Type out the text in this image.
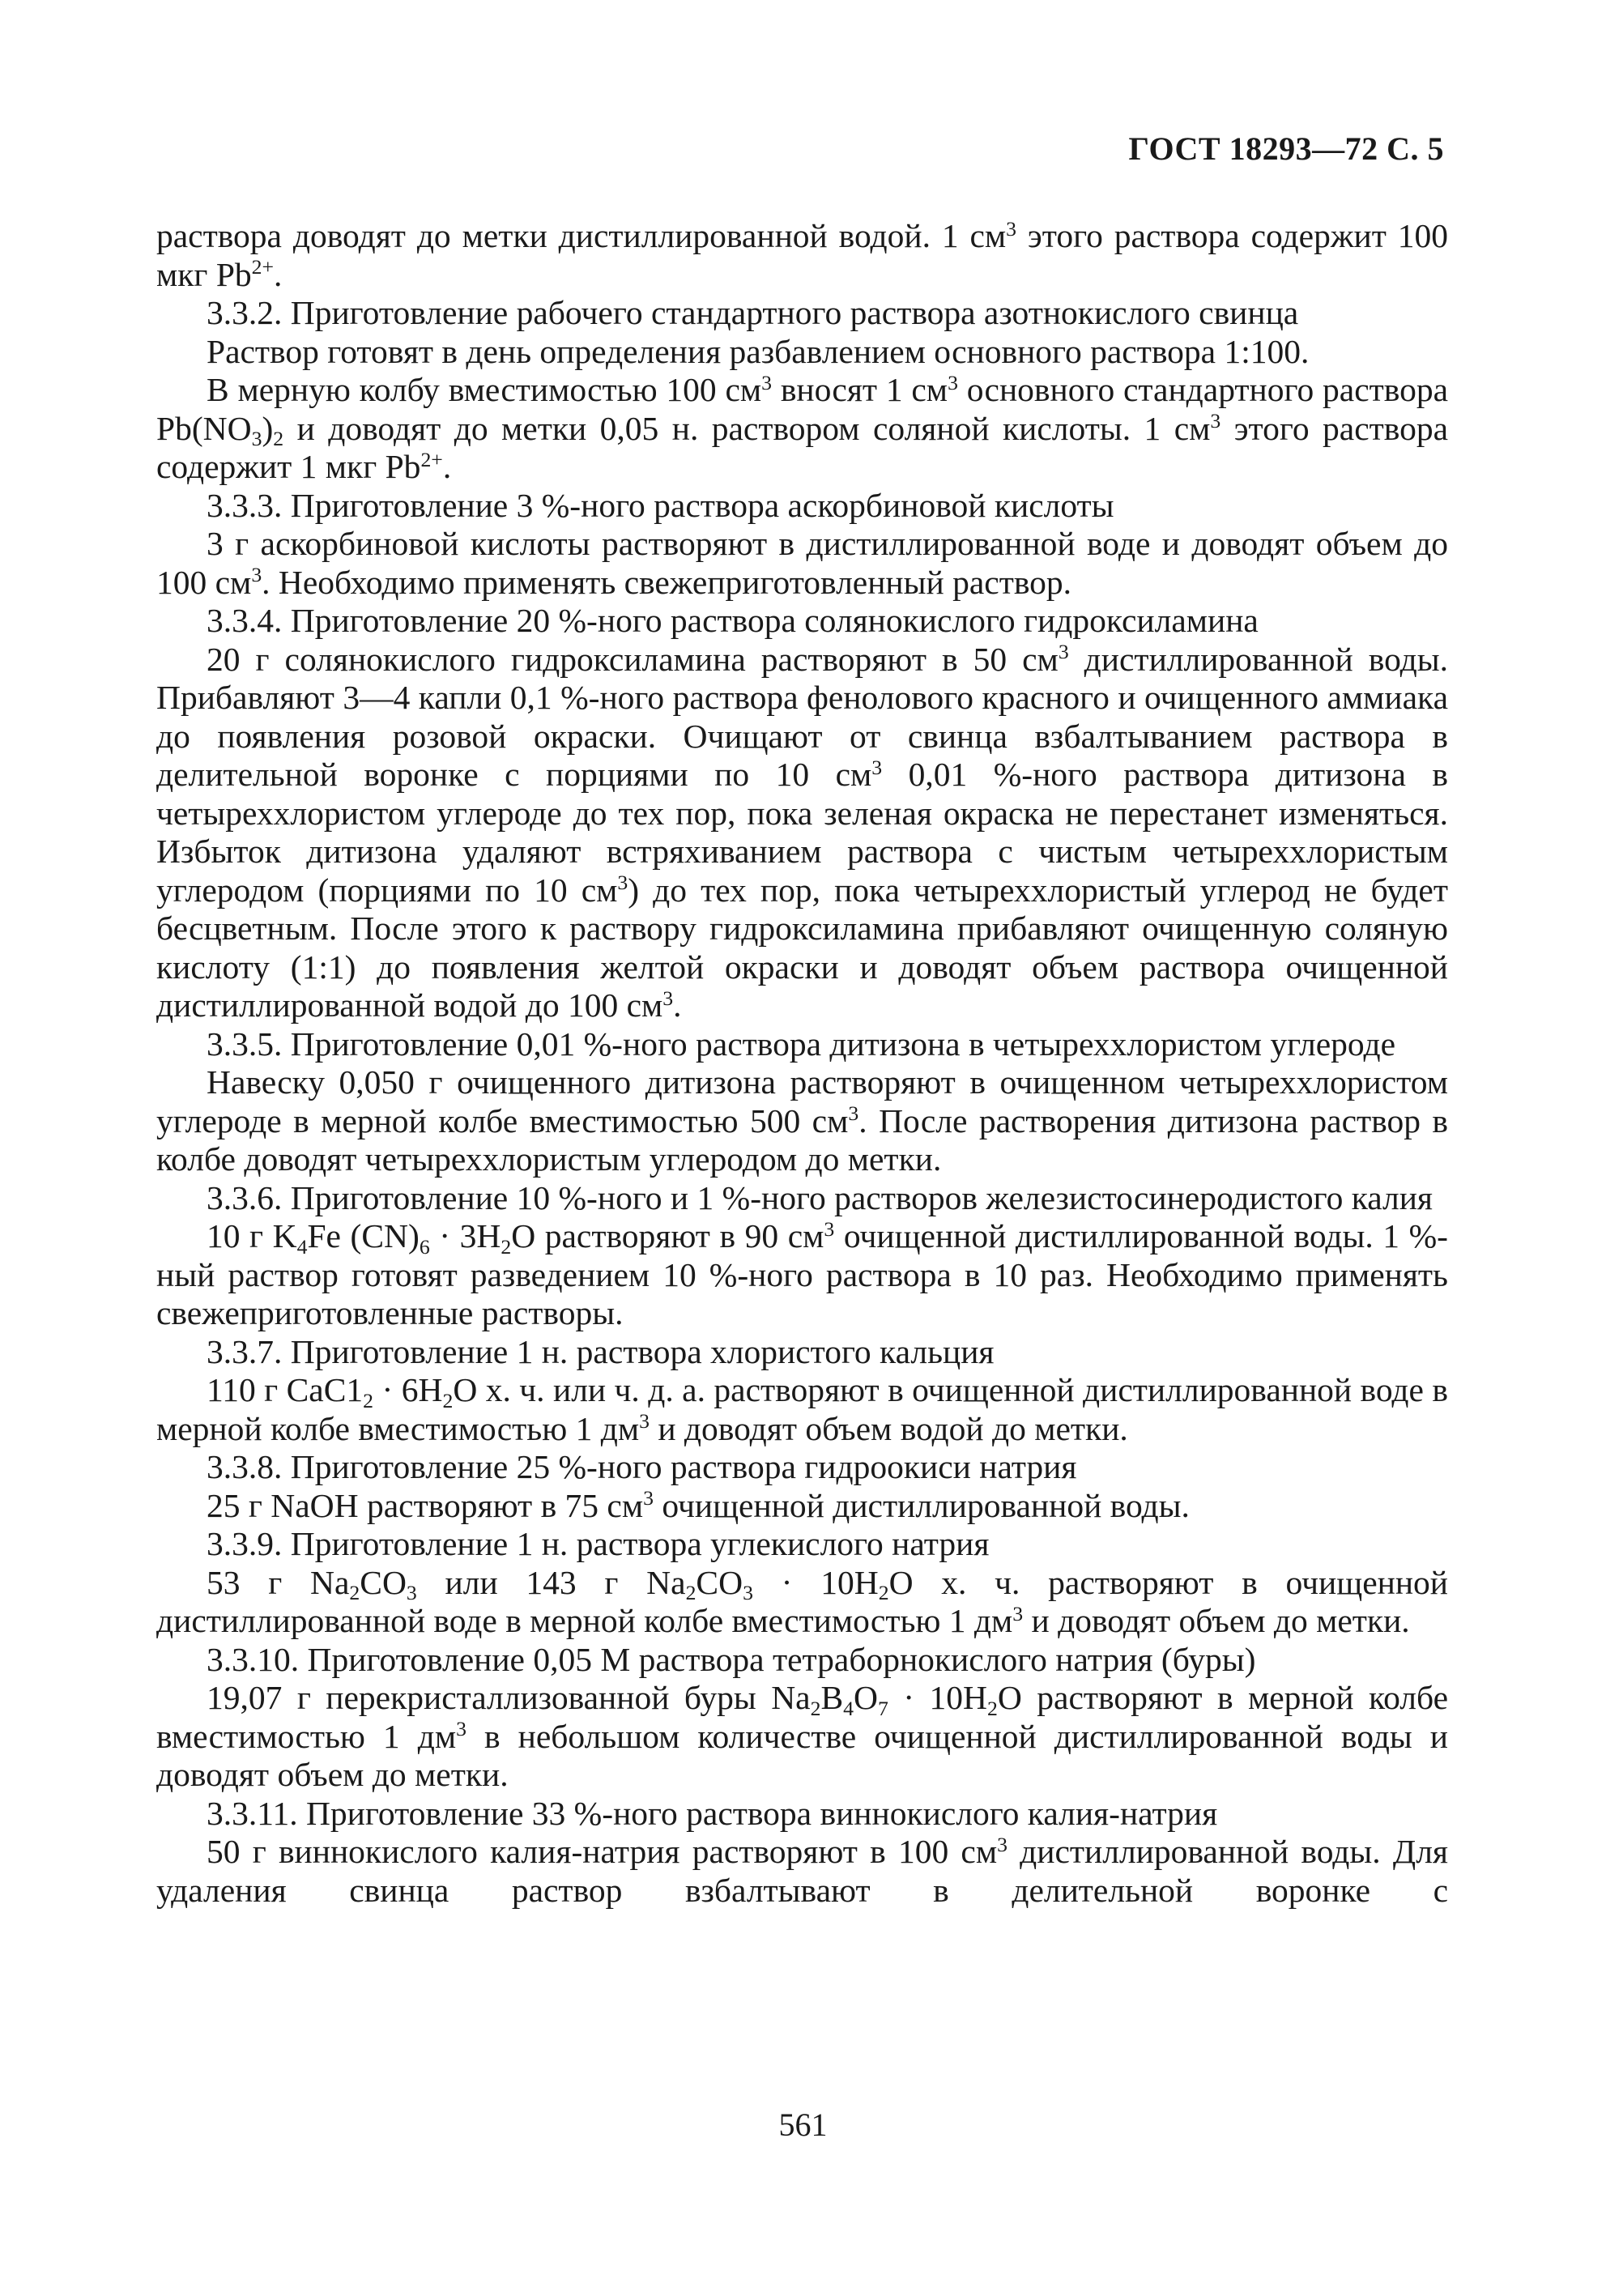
ГОСТ 18293—72 С. 5

раствора доводят до метки дистиллированной водой. 1 $см^3$ этого раствора содержит 100 мкг $Pb^{2+}$.

3.3.2. Приготовление рабочего стандартного раствора азотнокислого свинца

Раствор готовят в день определения разбавлением основного раствора 1:100.

В мерную колбу вместимостью 100 $см^3$ вносят 1 $см^3$ основного стандартного раствора $Pb(NO_3)_2$ и доводят до метки 0,05 н. раствором соляной кислоты. 1 $см^3$ этого раствора содержит 1 мкг $Pb^{2+}$.

3.3.3. Приготовление 3 %-ного раствора аскорбиновой кислоты

3 г аскорбиновой кислоты растворяют в дистиллированной воде и доводят объем до 100 $см^3$. Необходимо применять свежеприготовленный раствор.

3.3.4. Приготовление 20 %-ного раствора солянокислого гидроксиламина

20 г солянокислого гидроксиламина растворяют в 50 $см^3$ дистиллированной воды. Прибавляют 3—4 капли 0,1 %-ного раствора фенолового красного и очищенного аммиака до появления розовой окраски. Очищают от свинца взбалтыванием раствора в делительной воронке с порциями по 10 $см^3$ 0,01 %-ного раствора дитизона в четыреххлористом углероде до тех пор, пока зеленая окраска не перестанет изменяться. Избыток дитизона удаляют встряхиванием раствора с чистым четыреххлористым углеродом (порциями по 10 $см^3$) до тех пор, пока четыреххлористый углерод не будет бесцветным. После этого к раствору гидроксиламина прибавляют очищенную соляную кислоту (1:1) до появления желтой окраски и доводят объем раствора очищенной дистиллированной водой до 100 $см^3$.

3.3.5. Приготовление 0,01 %-ного раствора дитизона в четыреххлористом углероде

Навеску 0,050 г очищенного дитизона растворяют в очищенном четыреххлористом углероде в мерной колбе вместимостью 500 $см^3$. После растворения дитизона раствор в колбе доводят четыреххлористым углеродом до метки.

3.3.6. Приготовление 10 %-ного и 1 %-ного растворов железистосинеродистого калия

10 г $K_4Fe$ $(CN)_6 \cdot 3H_2O$ растворяют в 90 $см^3$ очищенной дистиллированной воды. 1 %-ный раствор готовят разведением 10 %-ного раствора в 10 раз. Необходимо применять свежеприготовленные растворы.

3.3.7. Приготовление 1 н. раствора хлористого кальция

110 г $CaC1_2 \cdot 6H_2O$ х. ч. или ч. д. а. растворяют в очищенной дистиллированной воде в мерной колбе вместимостью 1 $дм^3$ и доводят объем водой до метки.

3.3.8. Приготовление 25 %-ного раствора гидроокиси натрия

25 г NaOH растворяют в 75 $см^3$ очищенной дистиллированной воды.

3.3.9. Приготовление 1 н. раствора углекислого натрия

53 г $Na_2CO_3$ или 143 г $Na_2CO_3 \cdot 10H_2O$ х. ч. растворяют в очищенной дистиллированной воде в мерной колбе вместимостью 1 $дм^3$ и доводят объем до метки.

3.3.10. Приготовление 0,05 М раствора тетраборнокислого натрия (буры)

19,07 г перекристаллизованной буры $Na_2B_4O_7 \cdot 10H_2O$ растворяют в мерной колбе вместимостью 1 $дм^3$ в небольшом количестве очищенной дистиллированной воды и доводят объем до метки.

3.3.11. Приготовление 33 %-ного раствора виннокислого калия-натрия

50 г виннокислого калия-натрия растворяют в 100 $см^3$ дистиллированной воды. Для удаления свинца раствор взбалтывают в делительной воронке с

561
